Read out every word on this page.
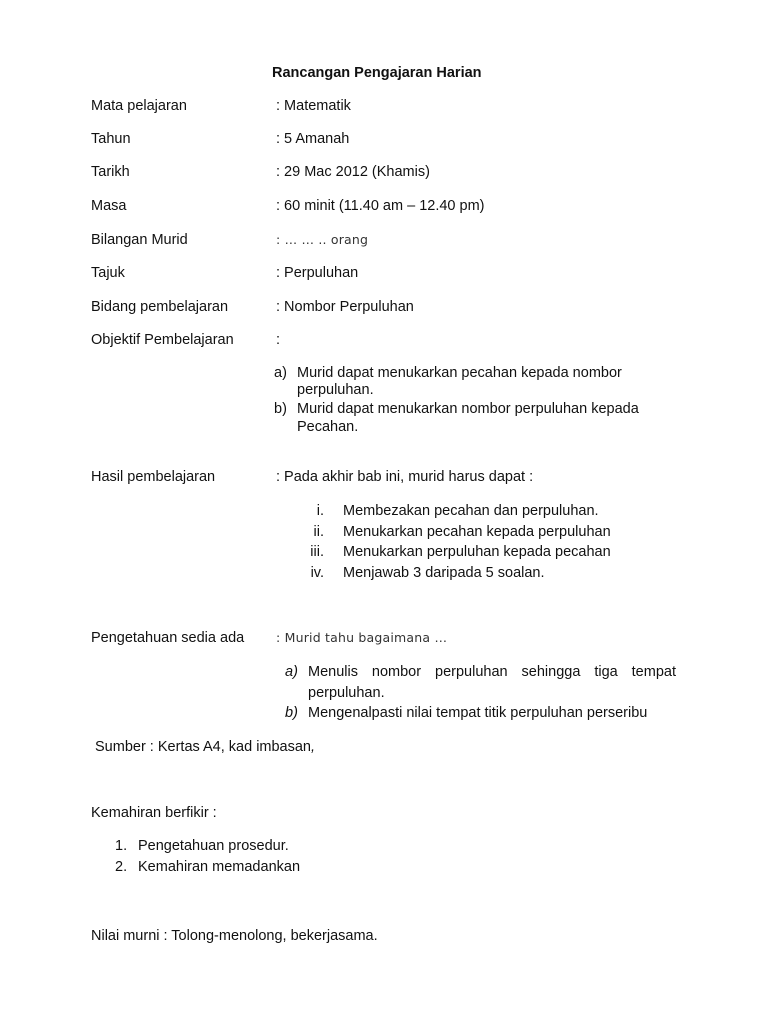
Rancangan Pengajaran Harian
Mata pelajaran	: Matematik
Tahun	: 5 Amanah
Tarikh	: 29 Mac 2012 (Khamis)
Masa	: 60 minit (11.40 am – 12.40 pm)
Bilangan Murid	: … … .. orang
Tajuk	: Perpuluhan
Bidang pembelajaran	: Nombor Perpuluhan
Objektif Pembelajaran	:
a) Murid dapat menukarkan pecahan kepada nombor
perpuluhan.
b) Murid dapat menukarkan nombor perpuluhan kepada
Pecahan.
Hasil pembelajaran	: Pada akhir bab ini, murid harus dapat :
i. Membezakan pecahan dan perpuluhan.
ii. Menukarkan pecahan kepada perpuluhan
iii. Menukarkan perpuluhan kepada pecahan
iv. Menjawab 3 daripada 5 soalan.
Pengetahuan sedia ada	: Murid tahu bagaimana …
a) Menulis nombor perpuluhan sehingga tiga tempat
perpuluhan.
b) Mengenalpasti nilai tempat titik perpuluhan perseribu
Sumber : Kertas A4, kad imbasan,
Kemahiran berfikir :
1. Pengetahuan prosedur.
2. Kemahiran memadankan
Nilai murni : Tolong-menolong, bekerjasama.
